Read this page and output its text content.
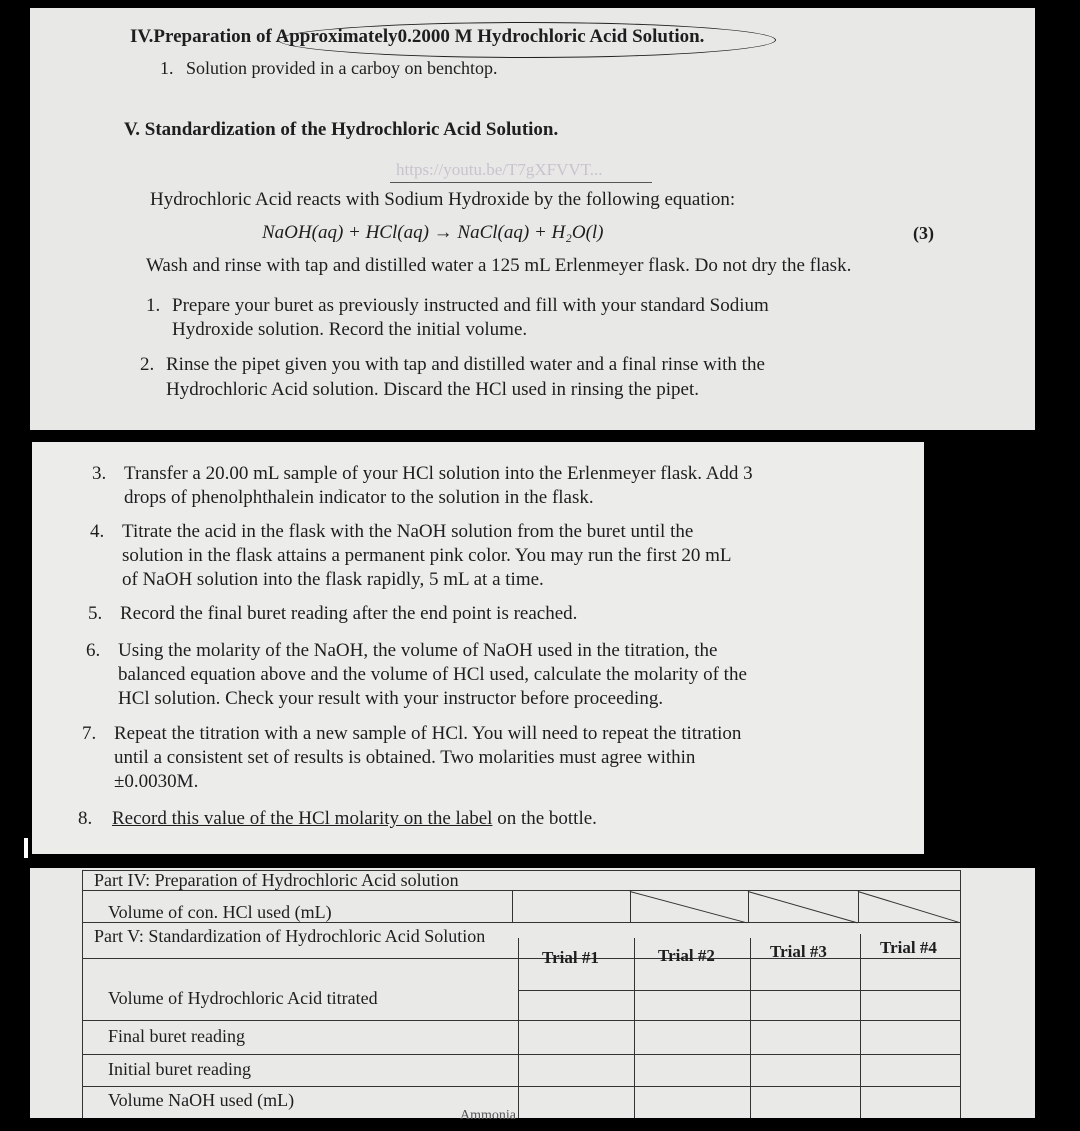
IV.Preparation of Approximately0.2000 M Hydrochloric Acid Solution.
1. Solution provided in a carboy on benchtop.
V. Standardization of the Hydrochloric Acid Solution.
https://youtu.be/T7gXFVVT...
Hydrochloric Acid reacts with Sodium Hydroxide by the following equation:
NaOH(aq) + HCl(aq) → NaCl(aq) + H₂O(l)	(3)
Wash and rinse with tap and distilled water a 125 mL Erlenmeyer flask. Do not dry the flask.
1. Prepare your buret as previously instructed and fill with your standard Sodium
Hydroxide solution. Record the initial volume.
2. Rinse the pipet given you with tap and distilled water and a final rinse with the
Hydrochloric Acid solution. Discard the HCl used in rinsing the pipet.
3. Transfer a 20.00 mL sample of your HCl solution into the Erlenmeyer flask. Add 3
drops of phenolphthalein indicator to the solution in the flask.
4. Titrate the acid in the flask with the NaOH solution from the buret until the
solution in the flask attains a permanent pink color. You may run the first 20 mL
of NaOH solution into the flask rapidly, 5 mL at a time.
5. Record the final buret reading after the end point is reached.
6. Using the molarity of the NaOH, the volume of NaOH used in the titration, the
balanced equation above and the volume of HCl used, calculate the molarity of the
HCl solution. Check your result with your instructor before proceeding.
7. Repeat the titration with a new sample of HCl. You will need to repeat the titration
until a consistent set of results is obtained. Two molarities must agree within
±0.0030M.
8. Record this value of the HCl molarity on the label on the bottle.
Part IV: Preparation of Hydrochloric Acid solution
Volume of con. HCl used (mL)
Part V: Standardization of Hydrochloric Acid Solution
Trial #1	Trial #2	Trial #3	Trial #4
Volume of Hydrochloric Acid titrated
Final buret reading
Initial buret reading
Volume NaOH used (mL)
Ammonia
